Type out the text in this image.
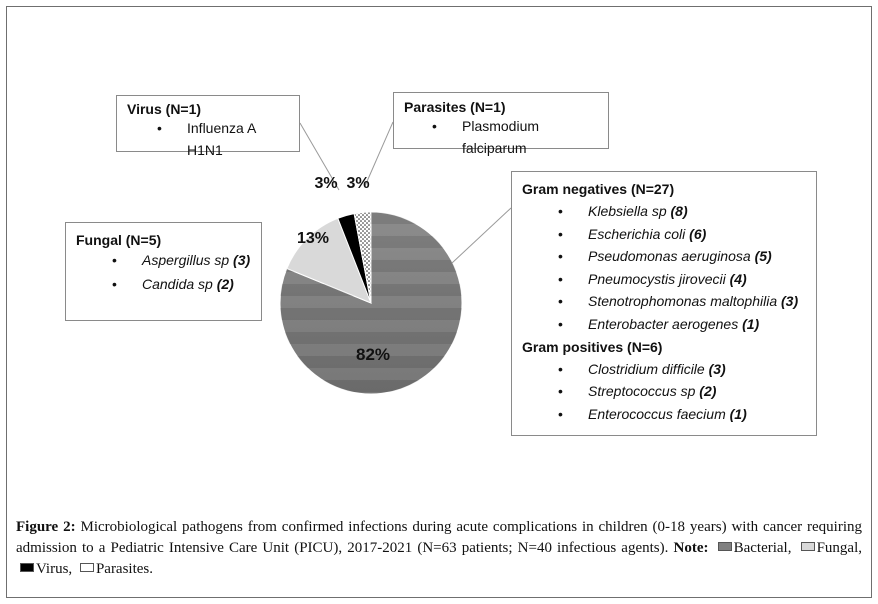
82%
13%
3% 3%
Virus (N=1)
• Influenza A H1N1
Parasites (N=1)
• Plasmodium falciparum
Fungal (N=5)
• Aspergillus sp (3)
• Candida sp (2)
Gram negatives (N=27)
• Klebsiella sp (8)
• Escherichia coli (6)
• Pseudomonas aeruginosa (5)
• Pneumocystis jirovecii (4)
• Stenotrophomonas maltophilia (3)
• Enterobacter aerogenes (1)
Gram positives (N=6)
• Clostridium difficile (3)
• Streptococcus sp (2)
• Enterococcus faecium (1)
Figure 2: Microbiological pathogens from confirmed infections during acute complications in children (0-18 years) with cancer requiring admission to a Pediatric Intensive Care Unit (PICU), 2017-2021 (N=63 patients; N=40 infectious agents). Note: Bacterial, Fungal, Virus, Parasites.
